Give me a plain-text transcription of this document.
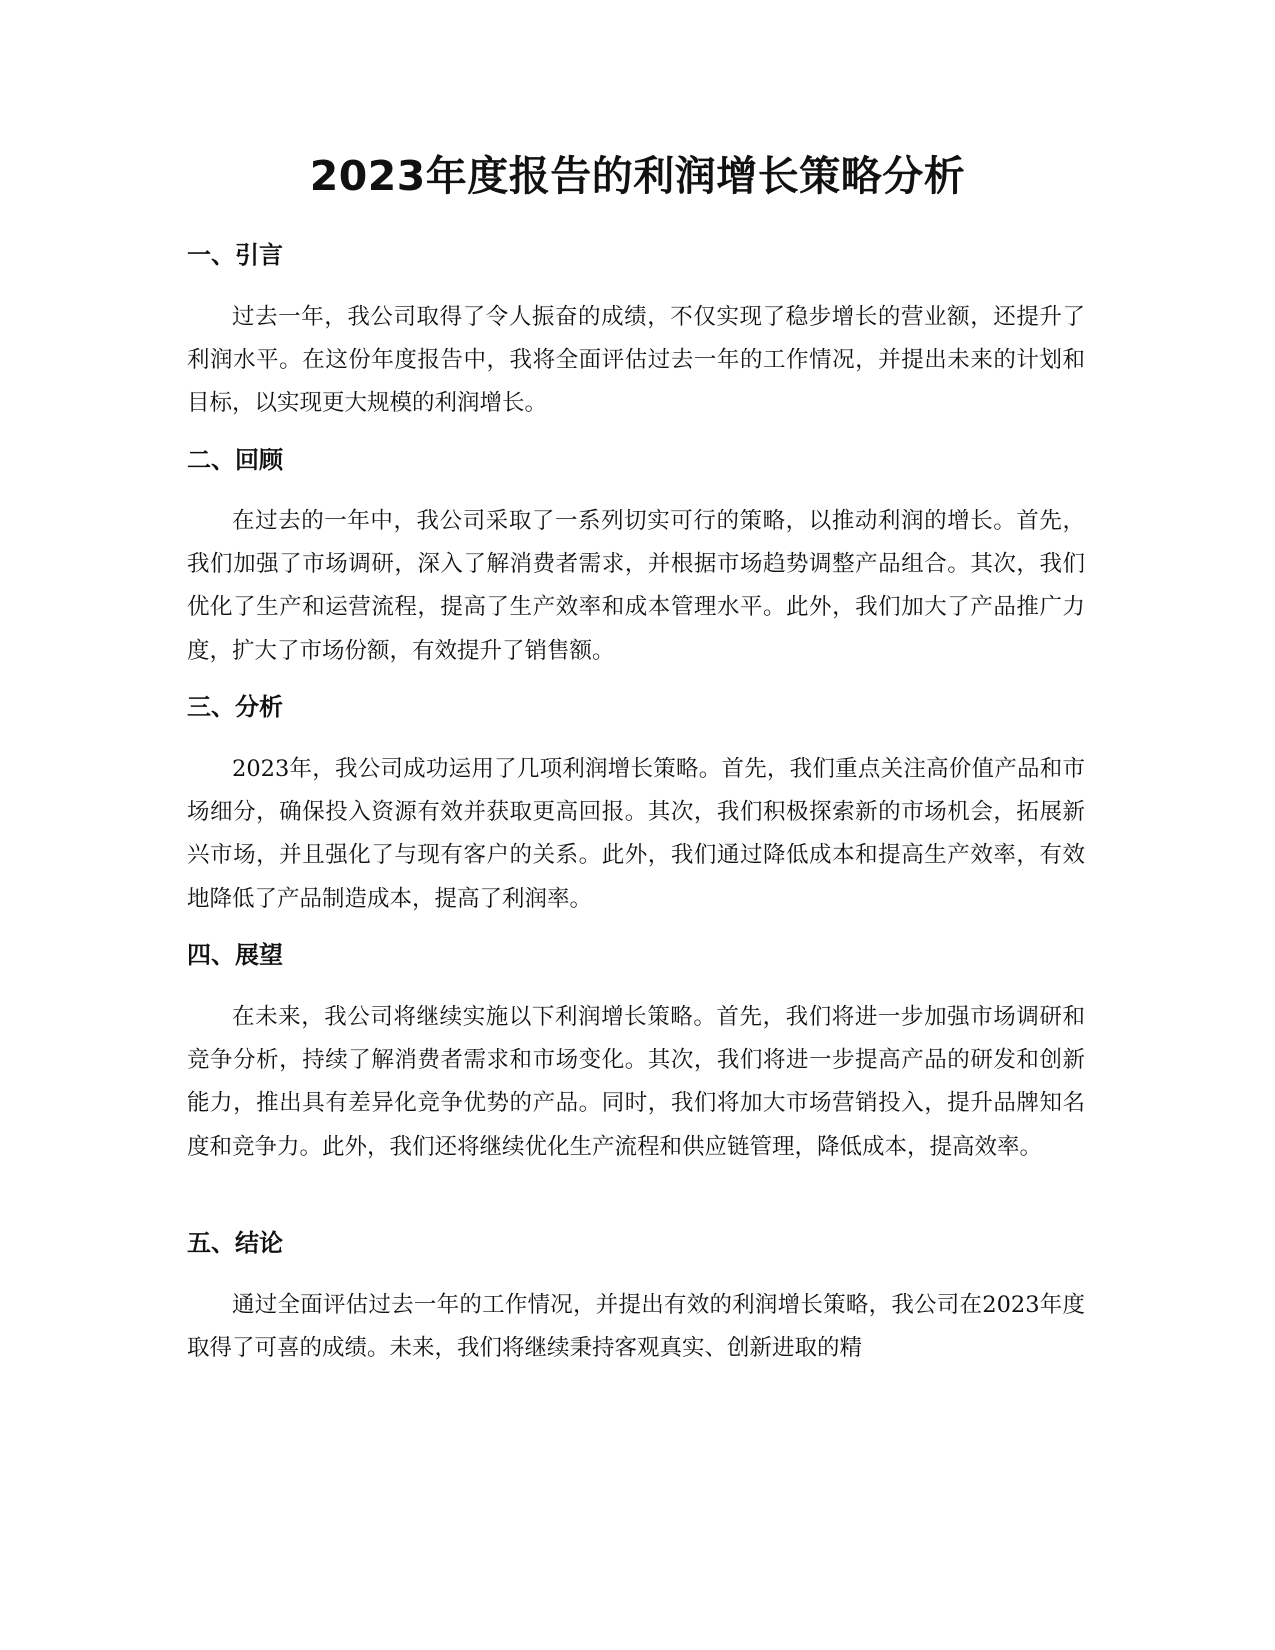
2023年度报告的利润增长策略分析
一、引言

过去一年，我公司取得了令人振奋的成绩，不仅实现了稳步增长的营业额，还提升了利润水平。在这份年度报告中，我将全面评估过去一年的工作情况，并提出未来的计划和目标，以实现更大规模的利润增长。

二、回顾

在过去的一年中，我公司采取了一系列切实可行的策略，以推动利润的增长。首先，我们加强了市场调研，深入了解消费者需求，并根据市场趋势调整产品组合。其次，我们优化了生产和运营流程，提高了生产效率和成本管理水平。此外，我们加大了产品推广力度，扩大了市场份额，有效提升了销售额。

三、分析

2023年，我公司成功运用了几项利润增长策略。首先，我们重点关注高价值产品和市场细分，确保投入资源有效并获取更高回报。其次，我们积极探索新的市场机会，拓展新兴市场，并且强化了与现有客户的关系。此外，我们通过降低成本和提高生产效率，有效地降低了产品制造成本，提高了利润率。

四、展望

在未来，我公司将继续实施以下利润增长策略。首先，我们将进一步加强市场调研和竞争分析，持续了解消费者需求和市场变化。其次，我们将进一步提高产品的研发和创新能力，推出具有差异化竞争优势的产品。同时，我们将加大市场营销投入，提升品牌知名度和竞争力。此外，我们还将继续优化生产流程和供应链管理，降低成本，提高效率。

五、结论

通过全面评估过去一年的工作情况，并提出有效的利润增长策略，我公司在2023年度取得了可喜的成绩。未来，我们将继续秉持客观真实、创新进取的精
